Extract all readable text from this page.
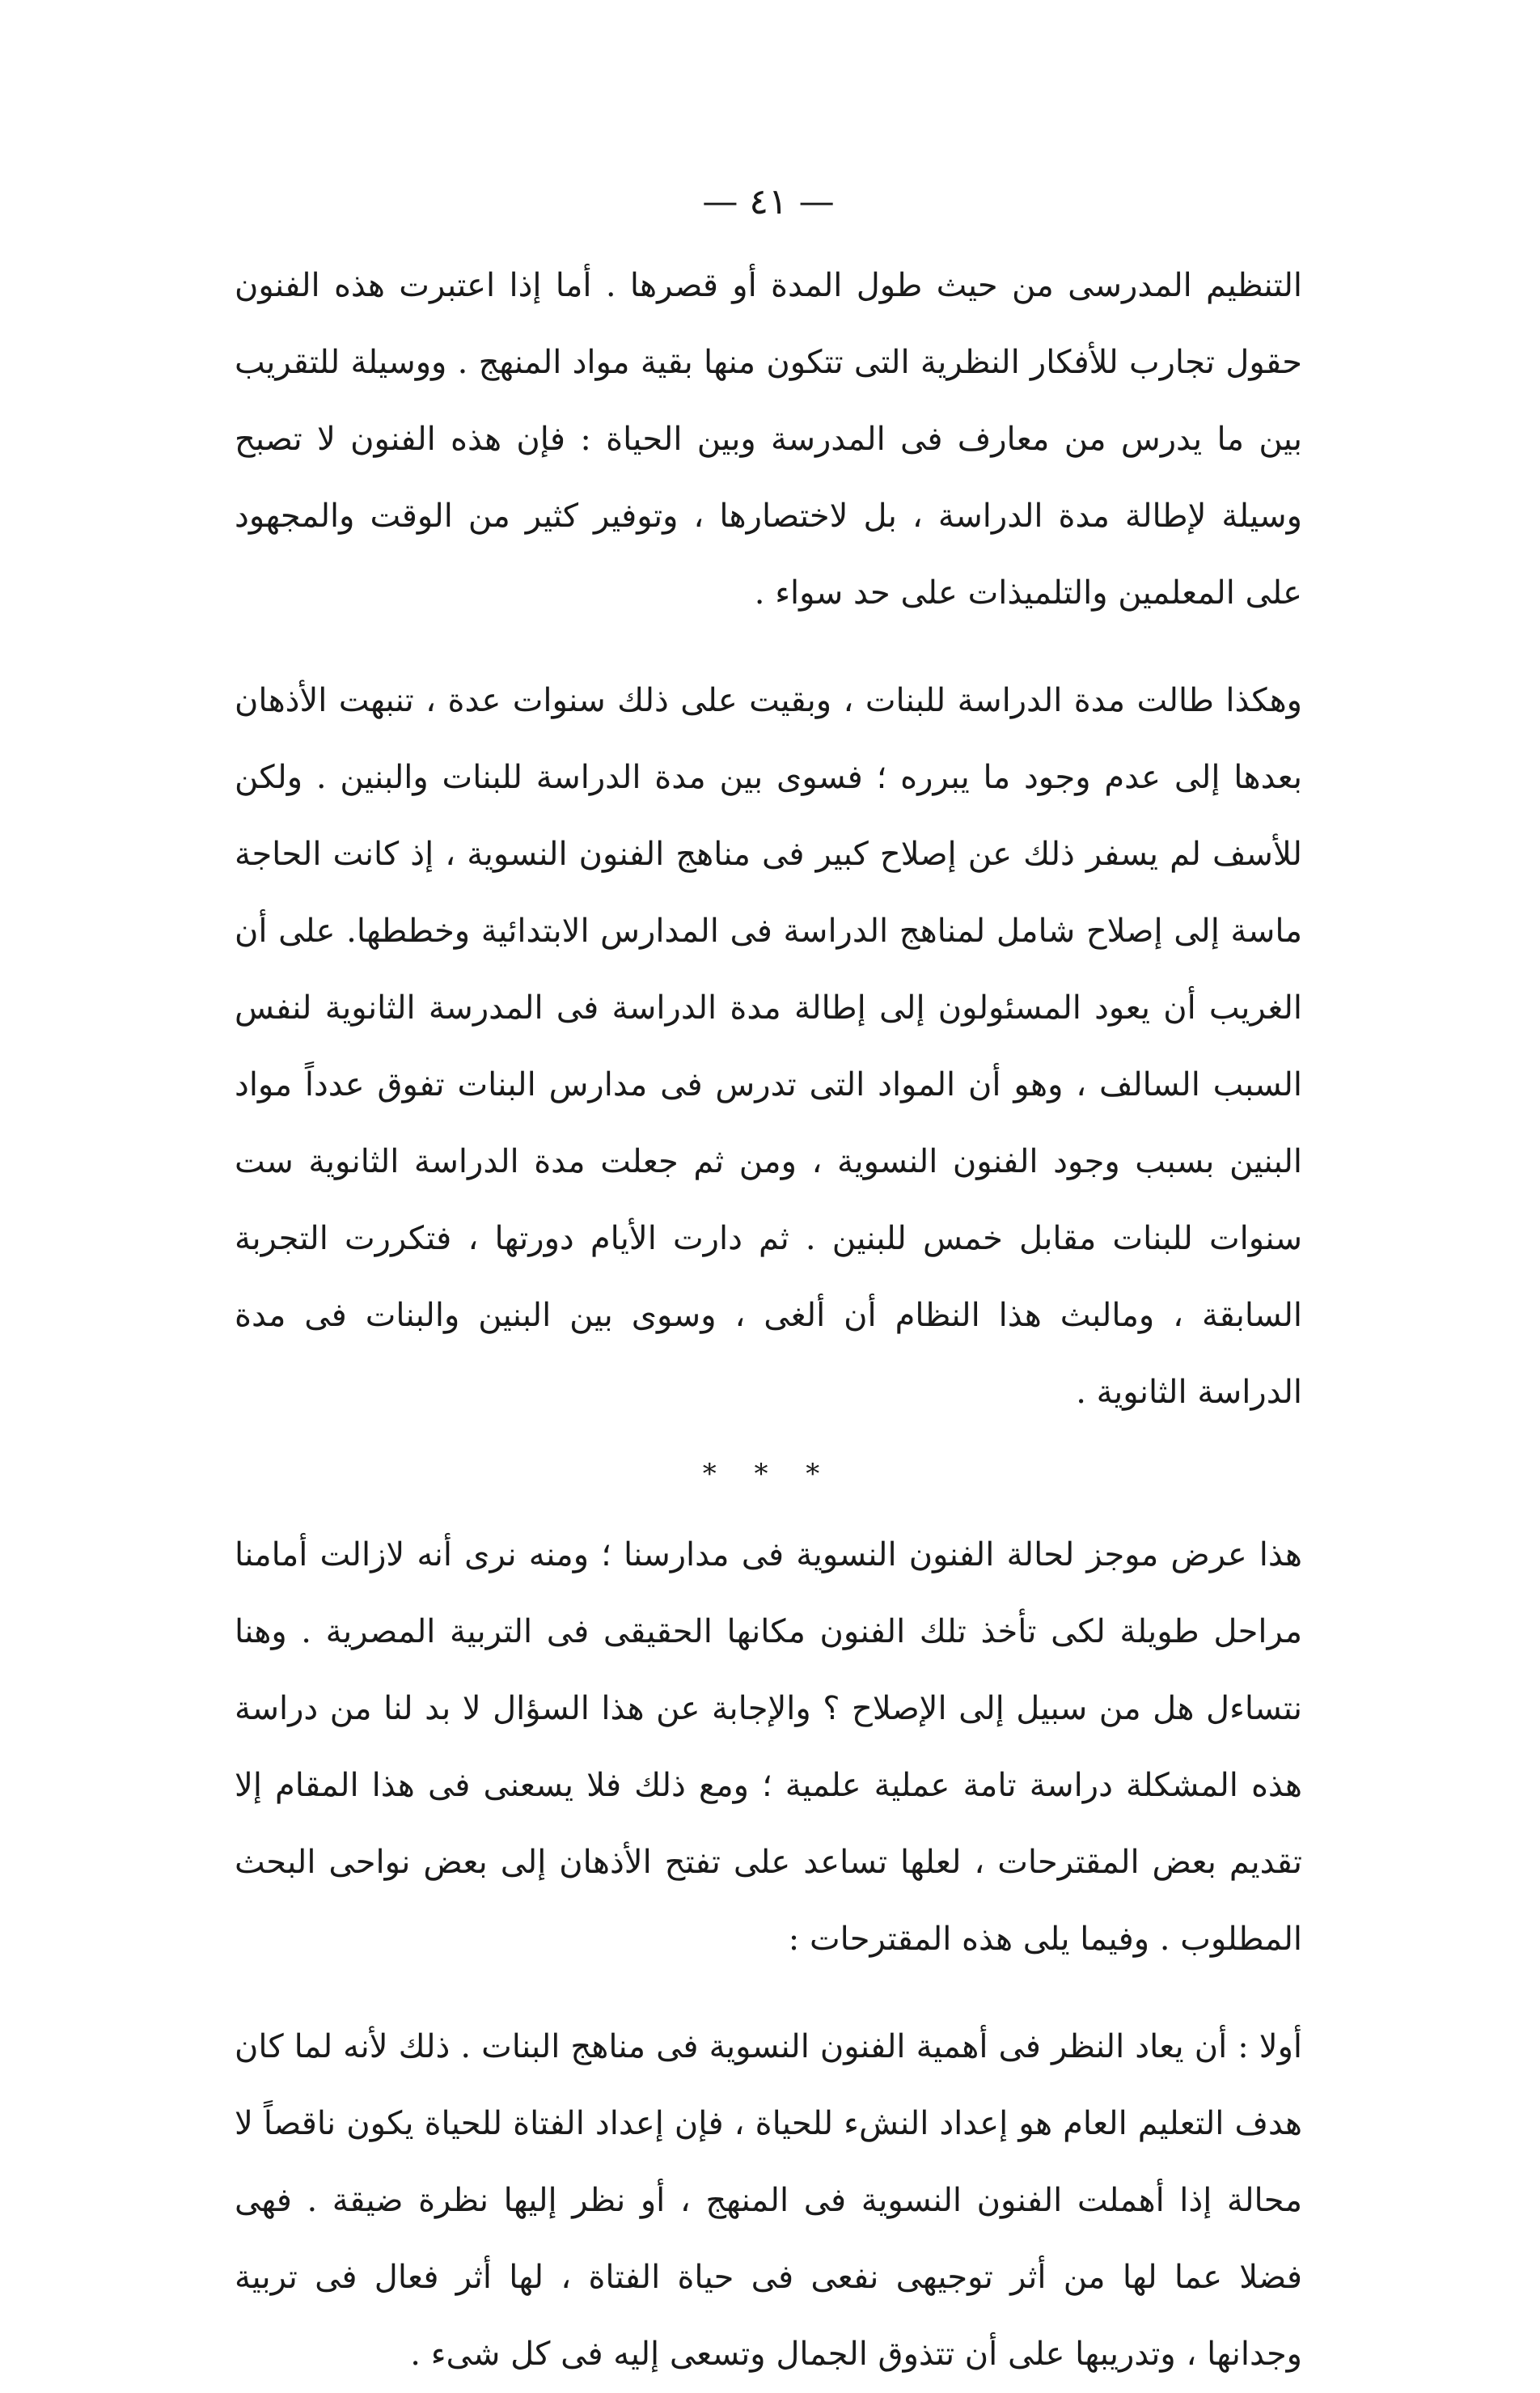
— ٤١ —

التنظيم المدرسى من حيث طول المدة أو قصرها . أما إذا اعتبرت هذه الفنون حقول تجارب للأفكار النظرية التى تتكون منها بقية مواد المنهج . ووسيلة للتقريب بين ما يدرس من معارف فى المدرسة وبين الحياة : فإن هذه الفنون لا تصبح وسيلة لإطالة مدة الدراسة ، بل لاختصارها ، وتوفير كثير من الوقت والمجهود على المعلمين والتلميذات على حد سواء .

وهكذا طالت مدة الدراسة للبنات ، وبقيت على ذلك سنوات عدة ، تنبهت الأذهان بعدها إلى عدم وجود ما يبرره ؛ فسوى بين مدة الدراسة للبنات والبنين . ولكن للأسف لم يسفر ذلك عن إصلاح كبير فى مناهج الفنون النسوية ، إذ كانت الحاجة ماسة إلى إصلاح شامل لمناهج الدراسة فى المدارس الابتدائية وخططها. على أن الغريب أن يعود المسئولون إلى إطالة مدة الدراسة فى المدرسة الثانوية لنفس السبب السالف ، وهو أن المواد التى تدرس فى مدارس البنات تفوق عدداً مواد البنين بسبب وجود الفنون النسوية ، ومن ثم جعلت مدة الدراسة الثانوية ست سنوات للبنات مقابل خمس للبنين . ثم دارت الأيام دورتها ، فتكررت التجربة السابقة ، ومالبث هذا النظام أن ألغى ، وسوى بين البنين والبنات فى مدة الدراسة الثانوية .

* * *

هذا عرض موجز لحالة الفنون النسوية فى مدارسنا ؛ ومنه نرى أنه لازالت أمامنا مراحل طويلة لكى تأخذ تلك الفنون مكانها الحقيقى فى التربية المصرية . وهنا نتساءل هل من سبيل إلى الإصلاح ؟ والإجابة عن هذا السؤال لا بد لنا من دراسة هذه المشكلة دراسة تامة عملية علمية ؛ ومع ذلك فلا يسعنى فى هذا المقام إلا تقديم بعض المقترحات ، لعلها تساعد على تفتح الأذهان إلى بعض نواحى البحث المطلوب . وفيما يلى هذه المقترحات :

أولا : أن يعاد النظر فى أهمية الفنون النسوية فى مناهج البنات . ذلك لأنه لما كان هدف التعليم العام هو إعداد النشء للحياة ، فإن إعداد الفتاة للحياة يكون ناقصاً لا محالة إذا أهملت الفنون النسوية فى المنهج ، أو نظر إليها نظرة ضيقة . فهى فضلا عما لها من أثر توجيهى نفعى فى حياة الفتاة ، لها أثر فعال فى تربية وجدانها ، وتدريبها على أن تتذوق الجمال وتسعى إليه فى كل شىء .
